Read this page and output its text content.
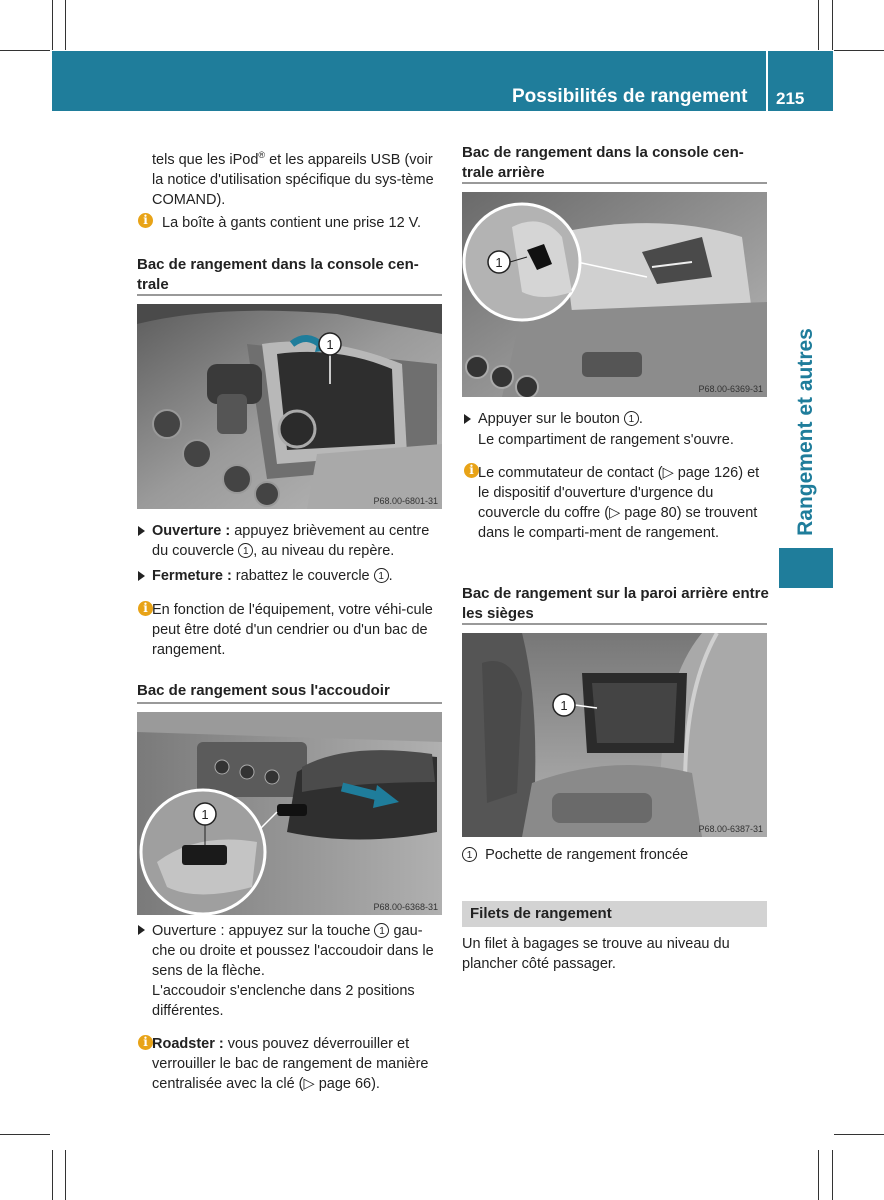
Possibilités de rangement 215
Rangement et autres

tels que les iPod® et les appareils USB (voir la notice d'utilisation spécifique du sys-tème COMAND).

i La boîte à gants contient une prise 12 V.

Bac de rangement dans la console cen-trale
1
P68.00-6801-31

Ouverture : appuyez brièvement au centre du couvercle 1 , au niveau du repère.

Fermeture : rabattez le couvercle 1 .

i En fonction de l'équipement, votre véhi-cule peut être doté d'un cendrier ou d'un bac de rangement.

Bac de rangement sous l'accoudoir
1
P68.00-6368-31

Ouverture : appuyez sur la touche 1 gau-che ou droite et poussez l'accoudoir dans le sens de la flèche.

L'accoudoir s'enclenche dans 2 positions différentes.

i Roadster : vous pouvez déverrouiller et verrouiller le bac de rangement de manière centralisée avec la clé (▷ page 66).

Bac de rangement dans la console cen-trale arrière
1
P68.00-6369-31

Appuyer sur le bouton 1 .

Le compartiment de rangement s'ouvre.

i Le commutateur de contact (▷ page 126) et le dispositif d'ouverture d'urgence du couvercle du coffre (▷ page 80) se trouvent dans le comparti-ment de rangement.

Bac de rangement sur la paroi arrière entre les sièges
1
P68.00-6387-31

1 Pochette de rangement froncée

Filets de rangement

Un filet à bagages se trouve au niveau du plancher côté passager.
